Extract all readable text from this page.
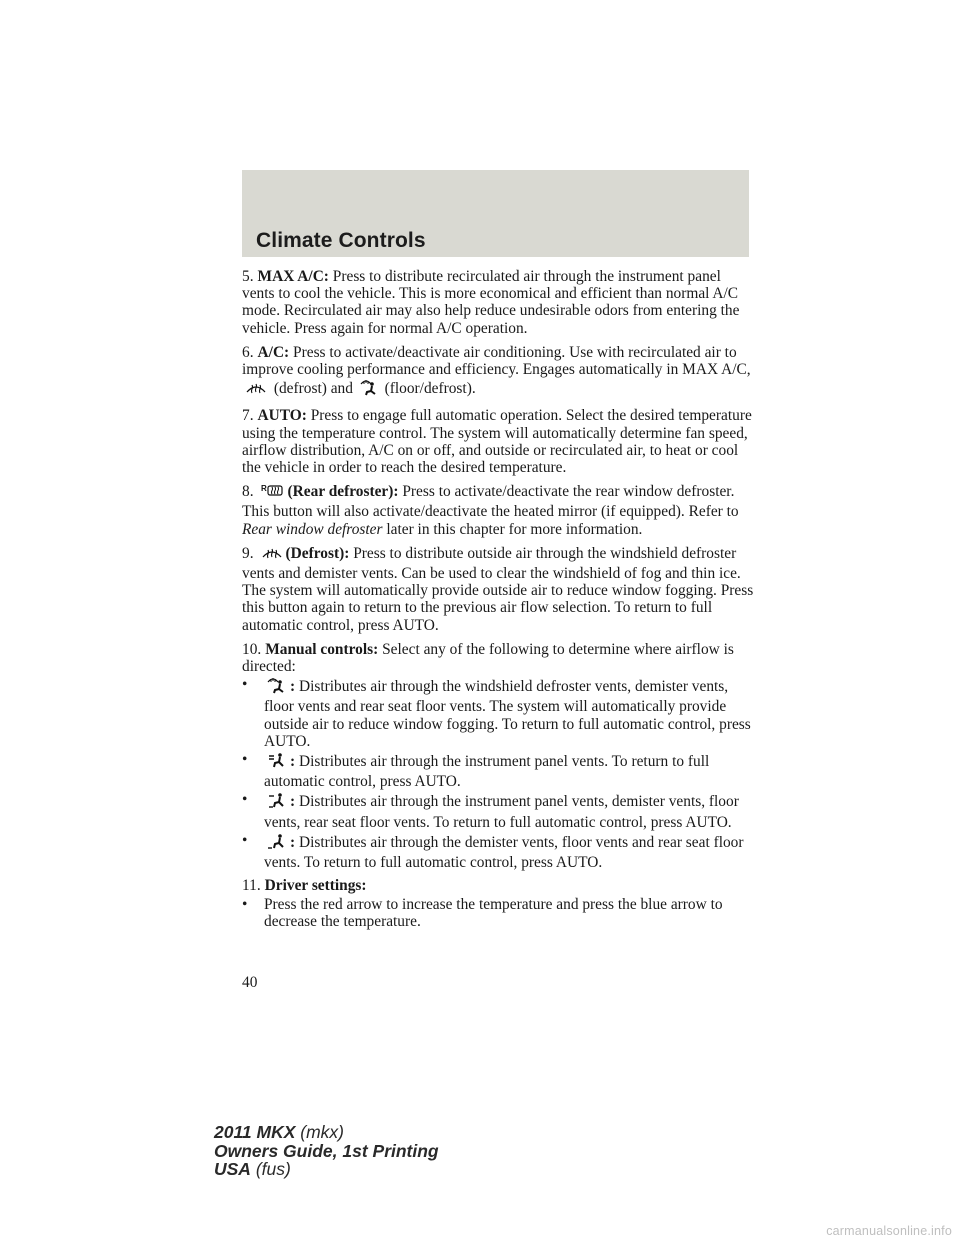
Climate Controls

5. MAX A/C: Press to distribute recirculated air through the instrument panel vents to cool the vehicle. This is more economical and efficient than normal A/C mode. Recirculated air may also help reduce undesirable odors from entering the vehicle. Press again for normal A/C operation.

6. A/C: Press to activate/deactivate air conditioning. Use with recirculated air to improve cooling performance and efficiency. Engages automatically in MAX A/C,  (defrost) and (floor/defrost).

7. AUTO: Press to engage full automatic operation. Select the desired temperature using the temperature control. The system will automatically determine fan speed, airflow distribution, A/C on or off, and outside or recirculated air, to heat or cool the vehicle in order to reach the desired temperature.

8. R (Rear defroster): Press to activate/deactivate the rear window defroster. This button will also activate/deactivate the heated mirror (if equipped). Refer to Rear window defroster later in this chapter for more information.

9. (Defrost): Press to distribute outside air through the windshield defroster vents and demister vents. Can be used to clear the windshield of fog and thin ice. The system will automatically provide outside air to reduce window fogging. Press this button again to return to the previous air flow selection. To return to full automatic control, press AUTO.

10. Manual controls: Select any of the following to determine where airflow is directed:

•	: Distributes air through the windshield defroster vents, demister vents, floor vents and rear seat floor vents. The system will automatically provide outside air to reduce window fogging. To return to full automatic control, press AUTO.
•	: Distributes air through the instrument panel vents. To return to full automatic control, press AUTO.
•	: Distributes air through the instrument panel vents, demister vents, floor vents, rear seat floor vents. To return to full automatic control, press AUTO.
•	: Distributes air through the demister vents, floor vents and rear seat floor vents. To return to full automatic control, press AUTO.

11. Driver settings:

• Press the red arrow to increase the temperature and press the blue arrow to decrease the temperature.
40
2011 MKX (mkx)
Owners Guide, 1st Printing
USA (fus)
carmanualsonline.info
